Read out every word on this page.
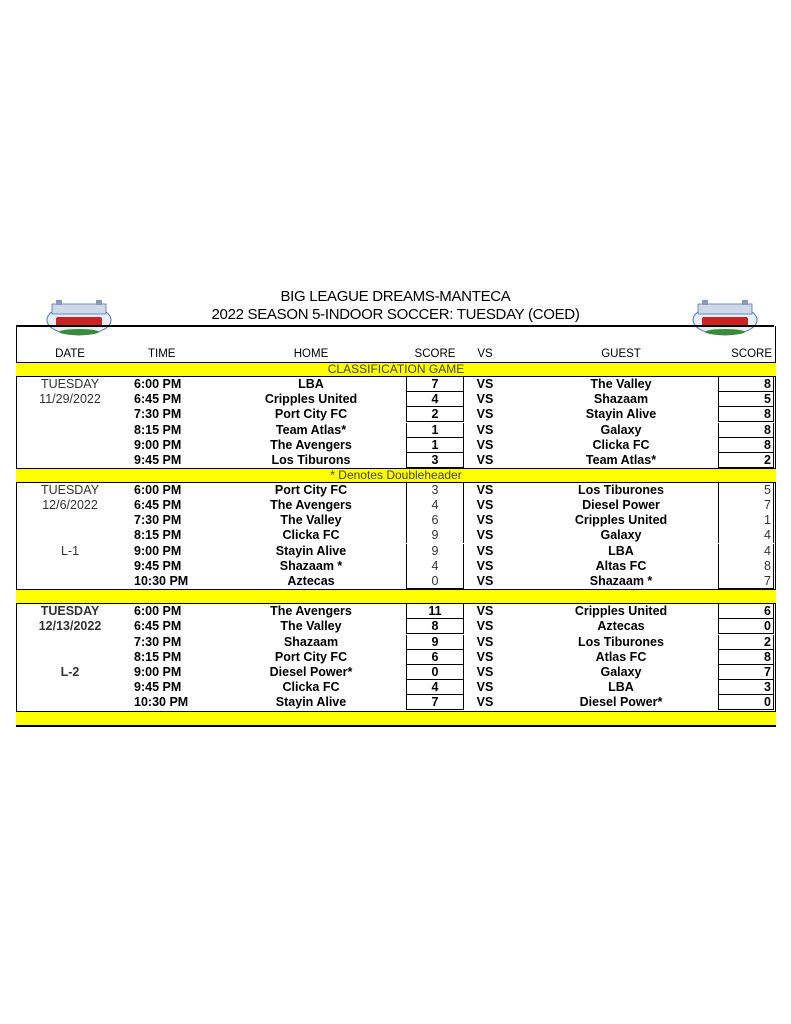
BIG LEAGUE DREAMS-MANTECA
2022 SEASON 5-INDOOR SOCCER: TUESDAY (COED)
DATE	TIME	HOME	SCORE	VS	GUEST	SCORE
CLASSIFICATION GAME
TUESDAY	6:00 PM	LBA	7	VS	The Valley	8
11/29/2022	6:45 PM	Cripples United	4	VS	Shazaam	5
7:30 PM	Port City FC	2	VS	Stayin Alive	8
8:15 PM	Team Atlas*	1	VS	Galaxy	8
9:00 PM	The Avengers	1	VS	Clicka FC	8
9:45 PM	Los Tiburons	3	VS	Team Atlas*	2
* Denotes Doubleheader
TUESDAY	6:00 PM	Port City FC	3	VS	Los Tiburones	5
12/6/2022	6:45 PM	The Avengers	4	VS	Diesel Power	7
7:30 PM	The Valley	6	VS	Cripples United	1
8:15 PM	Clicka FC	9	VS	Galaxy	4
L-1	9:00 PM	Stayin Alive	9	VS	LBA	4
9:45 PM	Shazaam *	4	VS	Altas FC	8
10:30 PM	Aztecas	0	VS	Shazaam *	7
TUESDAY	6:00 PM	The Avengers	11	VS	Cripples United	6
12/13/2022	6:45 PM	The Valley	8	VS	Aztecas	0
7:30 PM	Shazaam	9	VS	Los Tiburones	2
8:15 PM	Port City FC	6	VS	Atlas FC	8
L-2	9:00 PM	Diesel Power*	0	VS	Galaxy	7
9:45 PM	Clicka FC	4	VS	LBA	3
10:30 PM	Stayin Alive	7	VS	Diesel Power*	0
